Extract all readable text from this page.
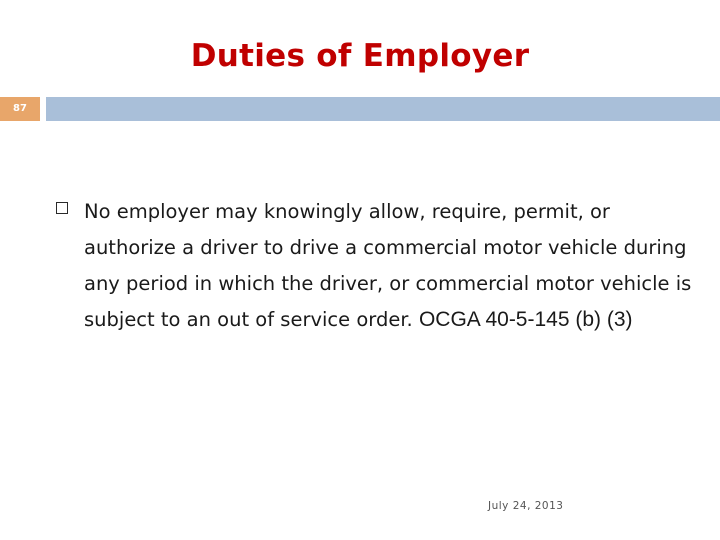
Duties of Employer
87
No employer may knowingly allow, require, permit, or authorize a driver to drive a commercial motor vehicle during any period in which the driver, or commercial motor vehicle is subject to an out of service order. OCGA 40-5-145 (b) (3)
July 24, 2013
